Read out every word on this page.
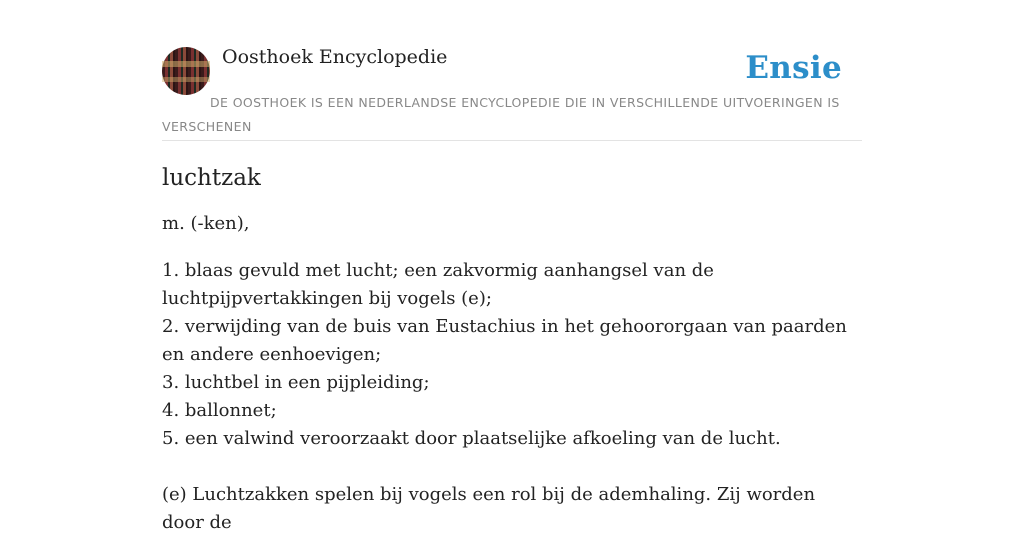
Oosthoek Encyclopedie	Ensie
DE OOSTHOEK IS EEN NEDERLANDSE ENCYCLOPEDIE DIE IN VERSCHILLENDE UITVOERINGEN IS VERSCHENEN
luchtzak

m. (-ken),

1. blaas gevuld met lucht; een zakvormig aanhangsel van de luchtpijpvertakkingen bij vogels (e);
2. verwijding van de buis van Eustachius in het gehoororgaan van paarden en andere eenhoevigen;
3. luchtbel in een pijpleiding;
4. ballonnet;
5. een valwind veroorzaakt door plaatselijke afkoeling van de lucht.

(e) Luchtzakken spelen bij vogels een rol bij de ademhaling. Zij worden door de
